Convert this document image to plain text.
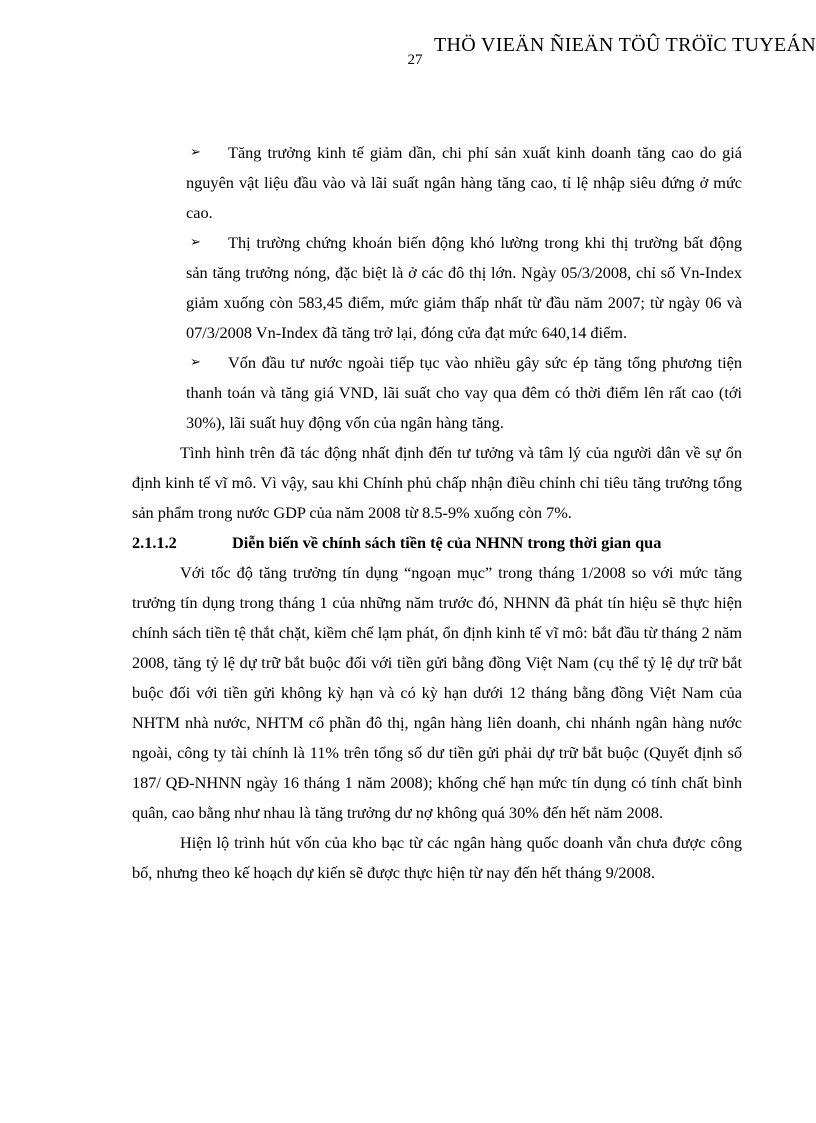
THÖ VIEÄN ÑIEÄN TÖÛ TRÖÏC TUYEÁN
27
➢	Tăng trưởng kinh tế giảm dần, chi phí sản xuất kinh doanh tăng cao do giá nguyên vật liệu đầu vào và lãi suất ngân hàng tăng cao, tỉ lệ nhập siêu đứng ở mức cao.
➢	Thị trường chứng khoán biến động khó lường trong khi thị trường bất động sản tăng trưởng nóng, đặc biệt là ở các đô thị lớn. Ngày 05/3/2008, chỉ số Vn-Index giảm xuống còn 583,45 điểm, mức giảm thấp nhất từ đầu năm 2007; từ ngày 06 và 07/3/2008 Vn-Index đã tăng trở lại, đóng cửa đạt mức 640,14 điểm.
➢	Vốn đầu tư nước ngoài tiếp tục vào nhiều gây sức ép tăng tổng phương tiện thanh toán và tăng giá VND, lãi suất cho vay qua đêm có thời điểm lên rất cao (tới 30%), lãi suất huy động vốn của ngân hàng tăng.

Tình hình trên đã tác động nhất định đến tư tưởng và tâm lý của người dân về sự ổn định kinh tế vĩ mô. Vì vậy, sau khi Chính phủ chấp nhận điều chỉnh chỉ tiêu tăng trưởng tổng sản phẩm trong nước GDP của năm 2008 từ 8.5-9% xuống còn 7%.

2.1.1.2	Diễn biến về chính sách tiền tệ của NHNN trong thời gian qua

Với tốc độ tăng trưởng tín dụng “ngoạn mục” trong tháng 1/2008 so với mức tăng trưởng tín dụng trong tháng 1 của những năm trước đó, NHNN đã phát tín hiệu sẽ thực hiện chính sách tiền tệ thắt chặt, kiềm chế lạm phát, ổn định kinh tế vĩ mô: bắt đầu từ tháng 2 năm 2008, tăng tỷ lệ dự trữ bắt buộc đối với tiền gửi bằng đồng Việt Nam (cụ thể tỷ lệ dự trữ bắt buộc đối với tiền gửi không kỳ hạn và có kỳ hạn dưới 12 tháng bằng đồng Việt Nam của NHTM nhà nước, NHTM cổ phần đô thị, ngân hàng liên doanh, chi nhánh ngân hàng nước ngoài, công ty tài chính là 11% trên tổng số dư tiền gửi phải dự trữ bắt buộc (Quyết định số 187/ QĐ-NHNN ngày 16 tháng 1 năm 2008); khống chế hạn mức tín dụng có tính chất bình quân, cao bằng như nhau là tăng trưởng dư nợ không quá 30% đến hết năm 2008.

Hiện lộ trình hút vốn của kho bạc từ các ngân hàng quốc doanh vẫn chưa được công bố, nhưng theo kế hoạch dự kiến sẽ được thực hiện từ nay đến hết tháng 9/2008.
